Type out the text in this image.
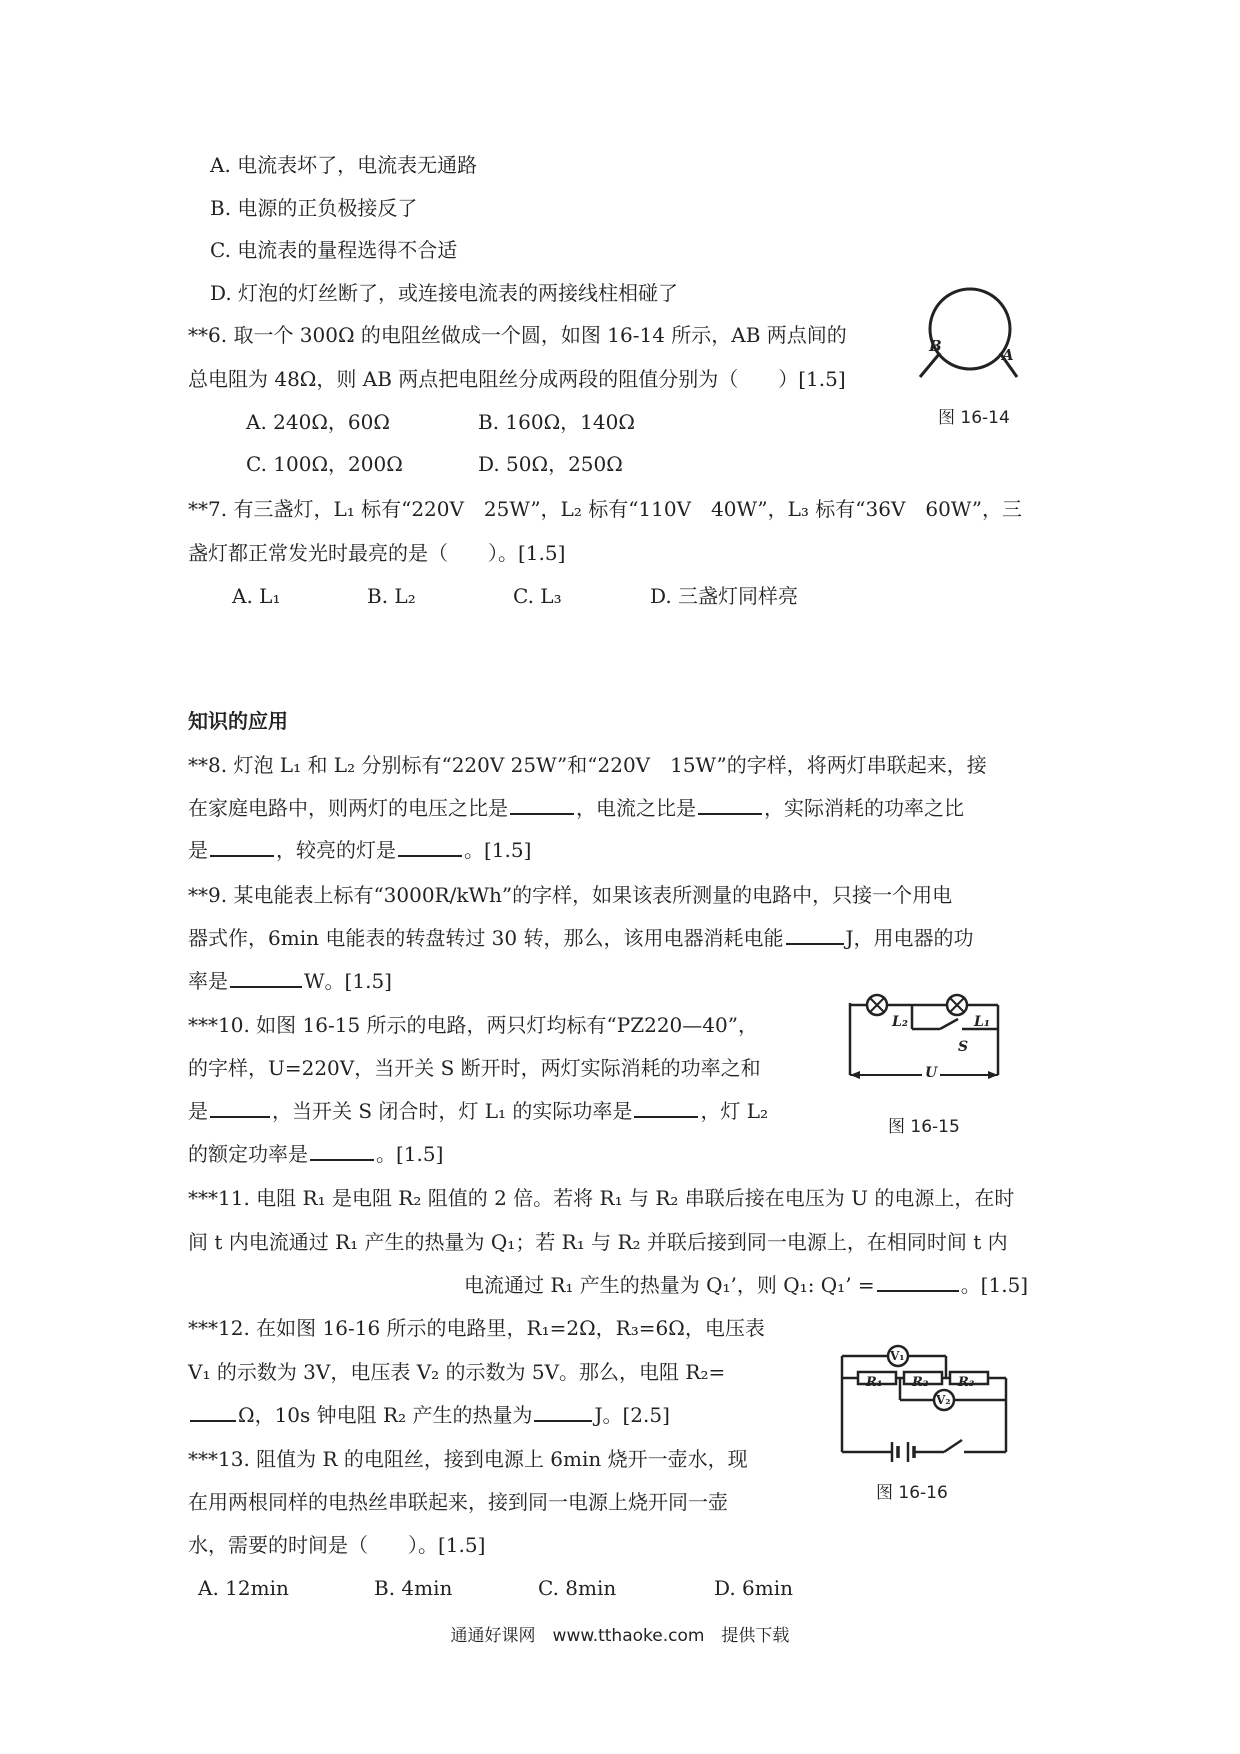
A. 电流表坏了，电流表无通路
B. 电源的正负极接反了
C. 电流表的量程选得不合适
D. 灯泡的灯丝断了，或连接电流表的两接线柱相碰了
**6. 取一个 300Ω 的电阻丝做成一个圆，如图 16-14 所示，AB 两点间的
总电阻为 48Ω，则 AB 两点把电阻丝分成两段的阻值分别为（　　）[1.5]
A. 240Ω，60Ω	B. 160Ω，140Ω
C. 100Ω，200Ω	D. 50Ω，250Ω
B	A
图 16-14
**7. 有三盏灯，L₁ 标有“220V　25W”，L₂ 标有“110V　40W”，L₃ 标有“36V　60W”，三
盏灯都正常发光时最亮的是（　　）。[1.5]
A. L₁	B. L₂	C. L₃	D. 三盏灯同样亮
知识的应用
**8. 灯泡 L₁ 和 L₂ 分别标有“220V 25W”和“220V　15W”的字样，将两灯串联起来，接
在家庭电路中，则两灯的电压之比是	，电流之比是	，实际消耗的功率之比
是	，较亮的灯是	。[1.5]
**9. 某电能表上标有“3000R/kWh”的字样，如果该表所测量的电路中，只接一个用电
器式作，6min 电能表的转盘转过 30 转，那么，该用电器消耗电能	J，用电器的功
率是	W。[1.5]
***10. 如图 16-15 所示的电路，两只灯均标有“PZ220—40”，
的字样，U=220V，当开关 S 断开时，两灯实际消耗的功率之和
是	，当开关 S 闭合时，灯 L₁ 的实际功率是	，灯 L₂
的额定功率是	。[1.5]
L₂	L₁
S
U
图 16-15
***11. 电阻 R₁ 是电阻 R₂ 阻值的 2 倍。若将 R₁ 与 R₂ 串联后接在电压为 U 的电源上，在时
间 t 内电流通过 R₁ 产生的热量为 Q₁；若 R₁ 与 R₂ 并联后接到同一电源上，在相同时间 t 内
电流通过 R₁ 产生的热量为 Q₁’，则 Q₁: Q₁’ =	。[1.5]
***12. 在如图 16-16 所示的电路里，R₁=2Ω，R₃=6Ω，电压表
V₁ 的示数为 3V，电压表 V₂ 的示数为 5V。那么，电阻 R₂=
Ω，10s 钟电阻 R₂ 产生的热量为	J。[2.5]
V₁
V₂
R₁ R₂ R₃
图 16-16
***13. 阻值为 R 的电阻丝，接到电源上 6min 烧开一壶水，现
在用两根同样的电热丝串联起来，接到同一电源上烧开同一壶
水，需要的时间是（　　）。[1.5]
A. 12min	B. 4min	C. 8min	D. 6min
通通好课网　www.tthaoke.com　提供下载
